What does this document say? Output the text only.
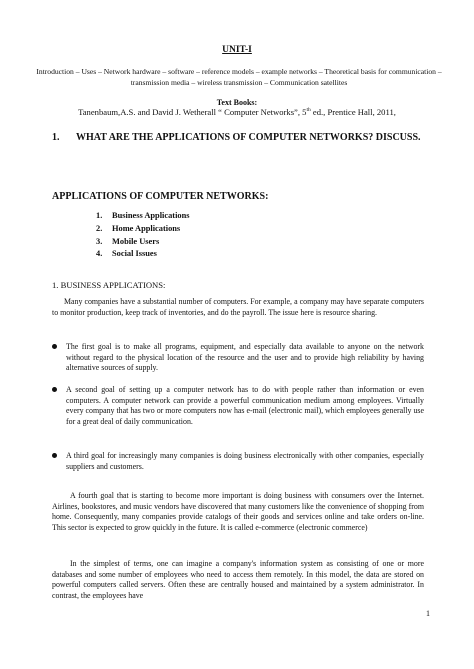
UNIT-I
Introduction – Uses – Network hardware – software – reference models – example networks – Theoretical basis for communication – transmission media – wireless transmission – Communication satellites
Text Books:
Tanenbaum,A.S. and David J. Wetherall “ Computer Networks”, 5th ed., Prentice Hall, 2011,
1. WHAT ARE THE APPLICATIONS OF COMPUTER NETWORKS? DISCUSS.
APPLICATIONS OF COMPUTER NETWORKS:
1. Business Applications
2. Home Applications
3. Mobile Users
4. Social Issues
1. BUSINESS APPLICATIONS:
Many companies have a substantial number of computers. For example, a company may have separate computers to monitor production, keep track of inventories, and do the payroll. The issue here is resource sharing.
The first goal is to make all programs, equipment, and especially data available to anyone on the network without regard to the physical location of the resource and the user and to provide high reliability by having alternative sources of supply.
A second goal of setting up a computer network has to do with people rather than information or even computers. A computer network can provide a powerful communication medium among employees. Virtually every company that has two or more computers now has e-mail (electronic mail), which employees generally use for a great deal of daily communication.
A third goal for increasingly many companies is doing business electronically with other companies, especially suppliers and customers.
A fourth goal that is starting to become more important is doing business with consumers over the Internet. Airlines, bookstores, and music vendors have discovered that many customers like the convenience of shopping from home. Consequently, many companies provide catalogs of their goods and services online and take orders on-line. This sector is expected to grow quickly in the future. It is called e-commerce (electronic commerce)
In the simplest of terms, one can imagine a company's information system as consisting of one or more databases and some number of employees who need to access them remotely. In this model, the data are stored on powerful computers called servers. Often these are centrally housed and maintained by a system administrator. In contrast, the employees have
1
